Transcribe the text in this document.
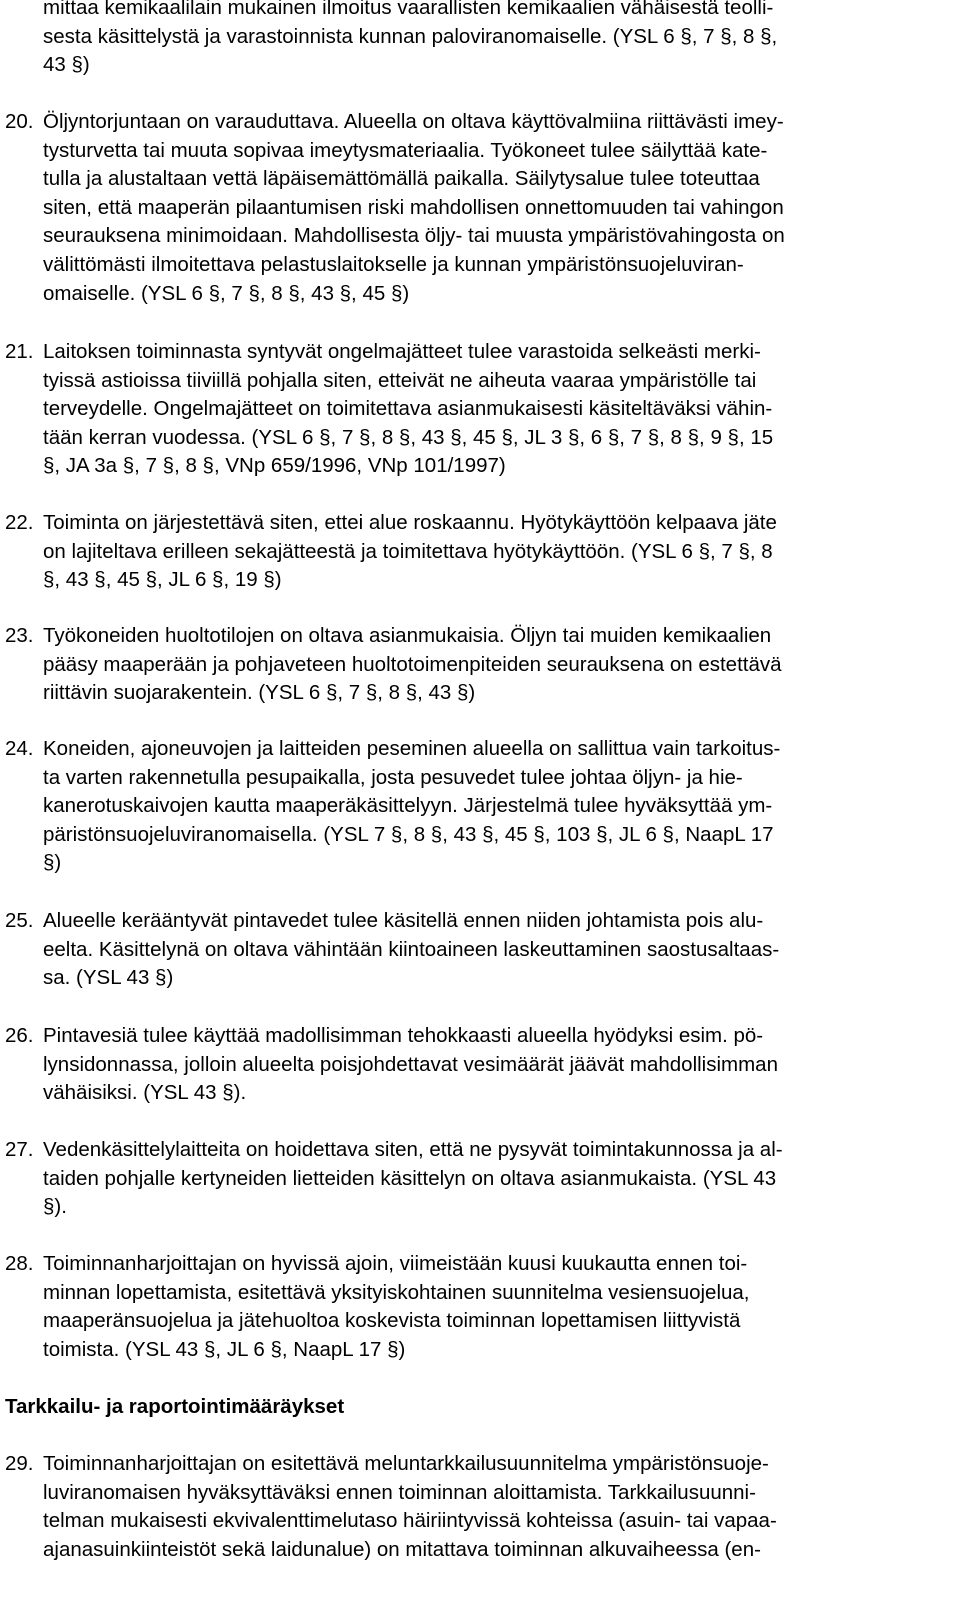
mittaa kemikaalilain mukainen ilmoitus vaarallisten kemikaalien vähäisestä teolli-
sesta käsittelystä ja varastoinnista kunnan paloviranomaiselle. (YSL 6 §, 7 §, 8 §,
43 §)
20. Öljyntorjuntaan on varauduttava. Alueella on oltava käyttövalmiina riittävästi imey-
tysturvetta tai muuta sopivaa imeytysmateriaalia. Työkoneet tulee säilyttää kate-
tulla ja alustaltaan vettä läpäisemättömällä paikalla. Säilytysalue tulee toteuttaa
siten, että maaperän pilaantumisen riski mahdollisen onnettomuuden tai vahingon
seurauksena minimoidaan. Mahdollisesta öljy- tai muusta ympäristövahingosta on
välittömästi ilmoitettava pelastuslaitokselle ja kunnan ympäristönsuojeluviran-
omaiselle. (YSL 6 §, 7 §, 8 §, 43 §, 45 §)
21. Laitoksen toiminnasta syntyvät ongelmajätteet tulee varastoida selkeästi merki-
tyissä astioissa tiiviillä pohjalla siten, etteivät ne aiheuta vaaraa ympäristölle tai
terveydelle. Ongelmajätteet on toimitettava asianmukaisesti käsiteltäväksi vähin-
tään kerran vuodessa. (YSL 6 §, 7 §, 8 §, 43 §, 45 §, JL 3 §, 6 §, 7 §, 8 §, 9 §, 15
§, JA 3a §, 7 §, 8 §, VNp 659/1996, VNp 101/1997)
22. Toiminta on järjestettävä siten, ettei alue roskaannu. Hyötykäyttöön kelpaava jäte
on lajiteltava erilleen sekajätteestä ja toimitettava hyötykäyttöön. (YSL 6 §, 7 §, 8
§, 43 §, 45 §, JL 6 §, 19 §)
23. Työkoneiden huoltotilojen on oltava asianmukaisia. Öljyn tai muiden kemikaalien
pääsy maaperään ja pohjaveteen huoltotoimenpiteiden seurauksena on estettävä
riittävin suojarakentein. (YSL 6 §, 7 §, 8 §, 43 §)
24. Koneiden, ajoneuvojen ja laitteiden peseminen alueella on sallittua vain tarkoitus-
ta varten rakennetulla pesupaikalla, josta pesuvedet tulee johtaa öljyn- ja hie-
kanerotuskaivojen kautta maaperäkäsittelyyn. Järjestelmä tulee hyväksyttää ym-
päristönsuojeluviranomaisella. (YSL 7 §, 8 §, 43 §, 45 §, 103 §, JL 6 §, NaapL 17
§)
25. Alueelle kerääntyvät pintavedet tulee käsitellä ennen niiden johtamista pois alu-
eelta. Käsittelynä on oltava vähintään kiintoaineen laskeuttaminen saostusaltaas-
sa. (YSL 43 §)
26. Pintavesiä tulee käyttää madollisimman tehokkaasti alueella hyödyksi esim. pö-
lynsidonnassa, jolloin alueelta poisjohdettavat vesimäärät jäävät mahdollisimman
vähäisiksi. (YSL 43 §).
27. Vedenkäsittelylaitteita on hoidettava siten, että ne pysyvät toimintakunnossa ja al-
taiden pohjalle kertyneiden lietteiden käsittelyn on oltava asianmukaista. (YSL 43
§).
28. Toiminnanharjoittajan on hyvissä ajoin, viimeistään kuusi kuukautta ennen toi-
minnan lopettamista, esitettävä yksityiskohtainen suunnitelma vesiensuojelua,
maaperänsuojelua ja jätehuoltoa koskevista toiminnan lopettamisen liittyvistä
toimista. (YSL 43 §, JL 6 §, NaapL 17 §)
Tarkkailu- ja raportointimääräykset
29. Toiminnanharjoittajan on esitettävä meluntarkkailusuunnitelma ympäristönsuoje-
luviranomaisen hyväksyttäväksi ennen toiminnan aloittamista. Tarkkailusuunni-
telman mukaisesti ekvivalenttimelutaso häiriintyvissä kohteissa (asuin- tai vapaa-
ajanasuinkiinteistöt sekä laidunalue) on mitattava toiminnan alkuvaiheessa (en-
